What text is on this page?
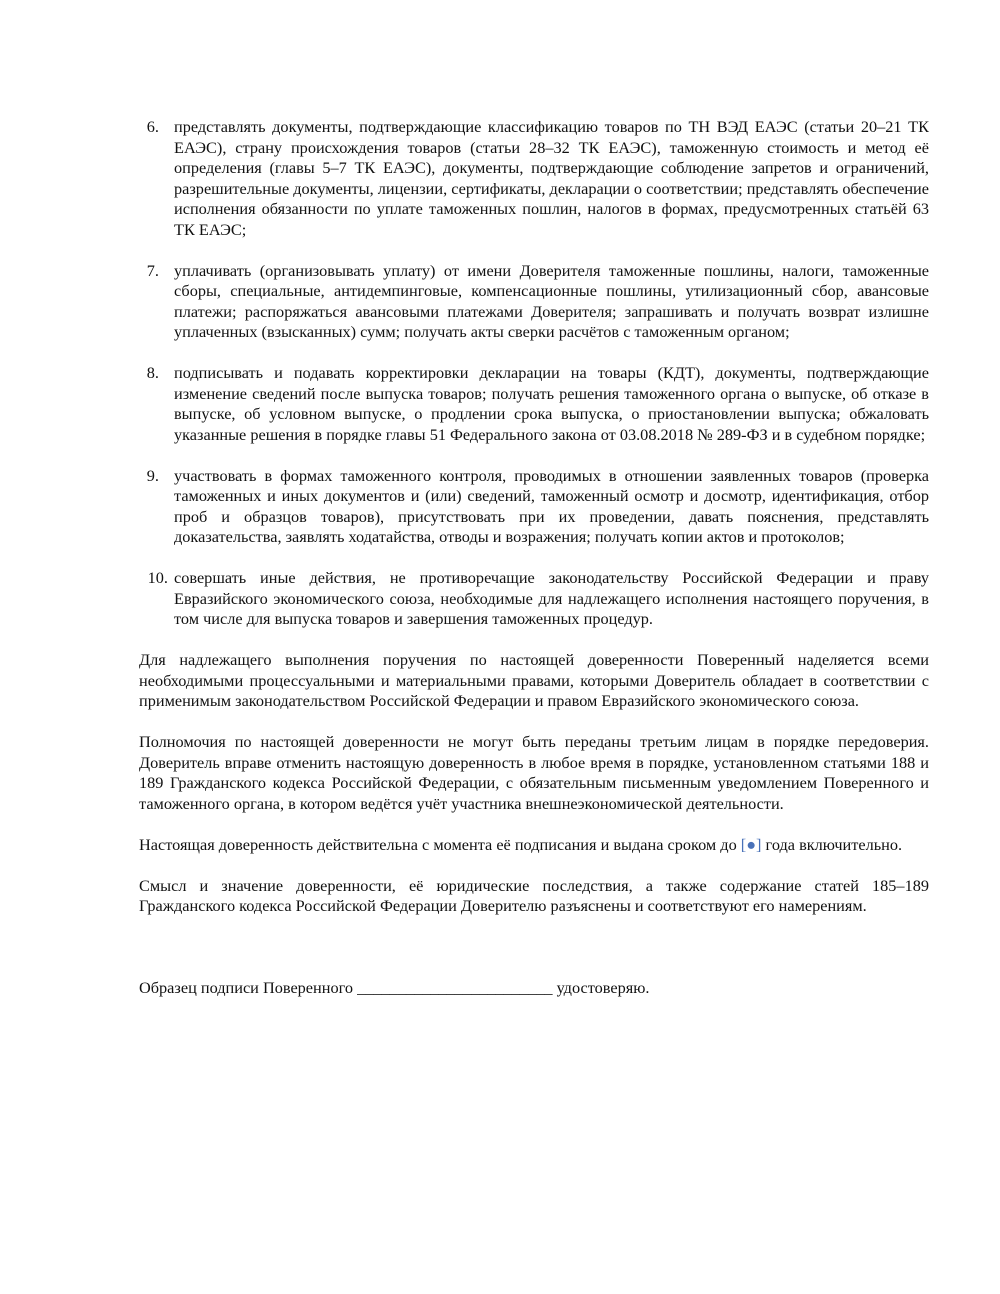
6. представлять документы, подтверждающие классификацию товаров по ТН ВЭД ЕАЭС (статьи 20–21 ТК ЕАЭС), страну происхождения товаров (статьи 28–32 ТК ЕАЭС), таможенную стоимость и метод её определения (главы 5–7 ТК ЕАЭС), документы, подтверждающие соблюдение запретов и ограничений, разрешительные документы, лицензии, сертификаты, декларации о соответствии; представлять обеспечение исполнения обязанности по уплате таможенных пошлин, налогов в формах, предусмотренных статьёй 63 ТК ЕАЭС;
7. уплачивать (организовывать уплату) от имени Доверителя таможенные пошлины, налоги, таможенные сборы, специальные, антидемпинговые, компенсационные пошлины, утилизационный сбор, авансовые платежи; распоряжаться авансовыми платежами Доверителя; запрашивать и получать возврат излишне уплаченных (взысканных) сумм; получать акты сверки расчётов с таможенным органом;
8. подписывать и подавать корректировки декларации на товары (КДТ), документы, подтверждающие изменение сведений после выпуска товаров; получать решения таможенного органа о выпуске, об отказе в выпуске, об условном выпуске, о продлении срока выпуска, о приостановлении выпуска; обжаловать указанные решения в порядке главы 51 Федерального закона от 03.08.2018 № 289-ФЗ и в судебном порядке;
9. участвовать в формах таможенного контроля, проводимых в отношении заявленных товаров (проверка таможенных и иных документов и (или) сведений, таможенный осмотр и досмотр, идентификация, отбор проб и образцов товаров), присутствовать при их проведении, давать пояснения, представлять доказательства, заявлять ходатайства, отводы и возражения; получать копии актов и протоколов;
10. совершать иные действия, не противоречащие законодательству Российской Федерации и праву Евразийского экономического союза, необходимые для надлежащего исполнения настоящего поручения, в том числе для выпуска товаров и завершения таможенных процедур.

Для надлежащего выполнения поручения по настоящей доверенности Поверенный наделяется всеми необходимыми процессуальными и материальными правами, которыми Доверитель обладает в соответствии с применимым законодательством Российской Федерации и правом Евразийского экономического союза.

Полномочия по настоящей доверенности не могут быть переданы третьим лицам в порядке передоверия. Доверитель вправе отменить настоящую доверенность в любое время в порядке, установленном статьями 188 и 189 Гражданского кодекса Российской Федерации, с обязательным письменным уведомлением Поверенного и таможенного органа, в котором ведётся учёт участника внешнеэкономической деятельности.

Настоящая доверенность действительна с момента её подписания и выдана сроком до [●] года включительно.

Смысл и значение доверенности, её юридические последствия, а также содержание статей 185–189 Гражданского кодекса Российской Федерации Доверителю разъяснены и соответствуют его намерениям.

Образец подписи Поверенного ________________________ удостоверяю.
